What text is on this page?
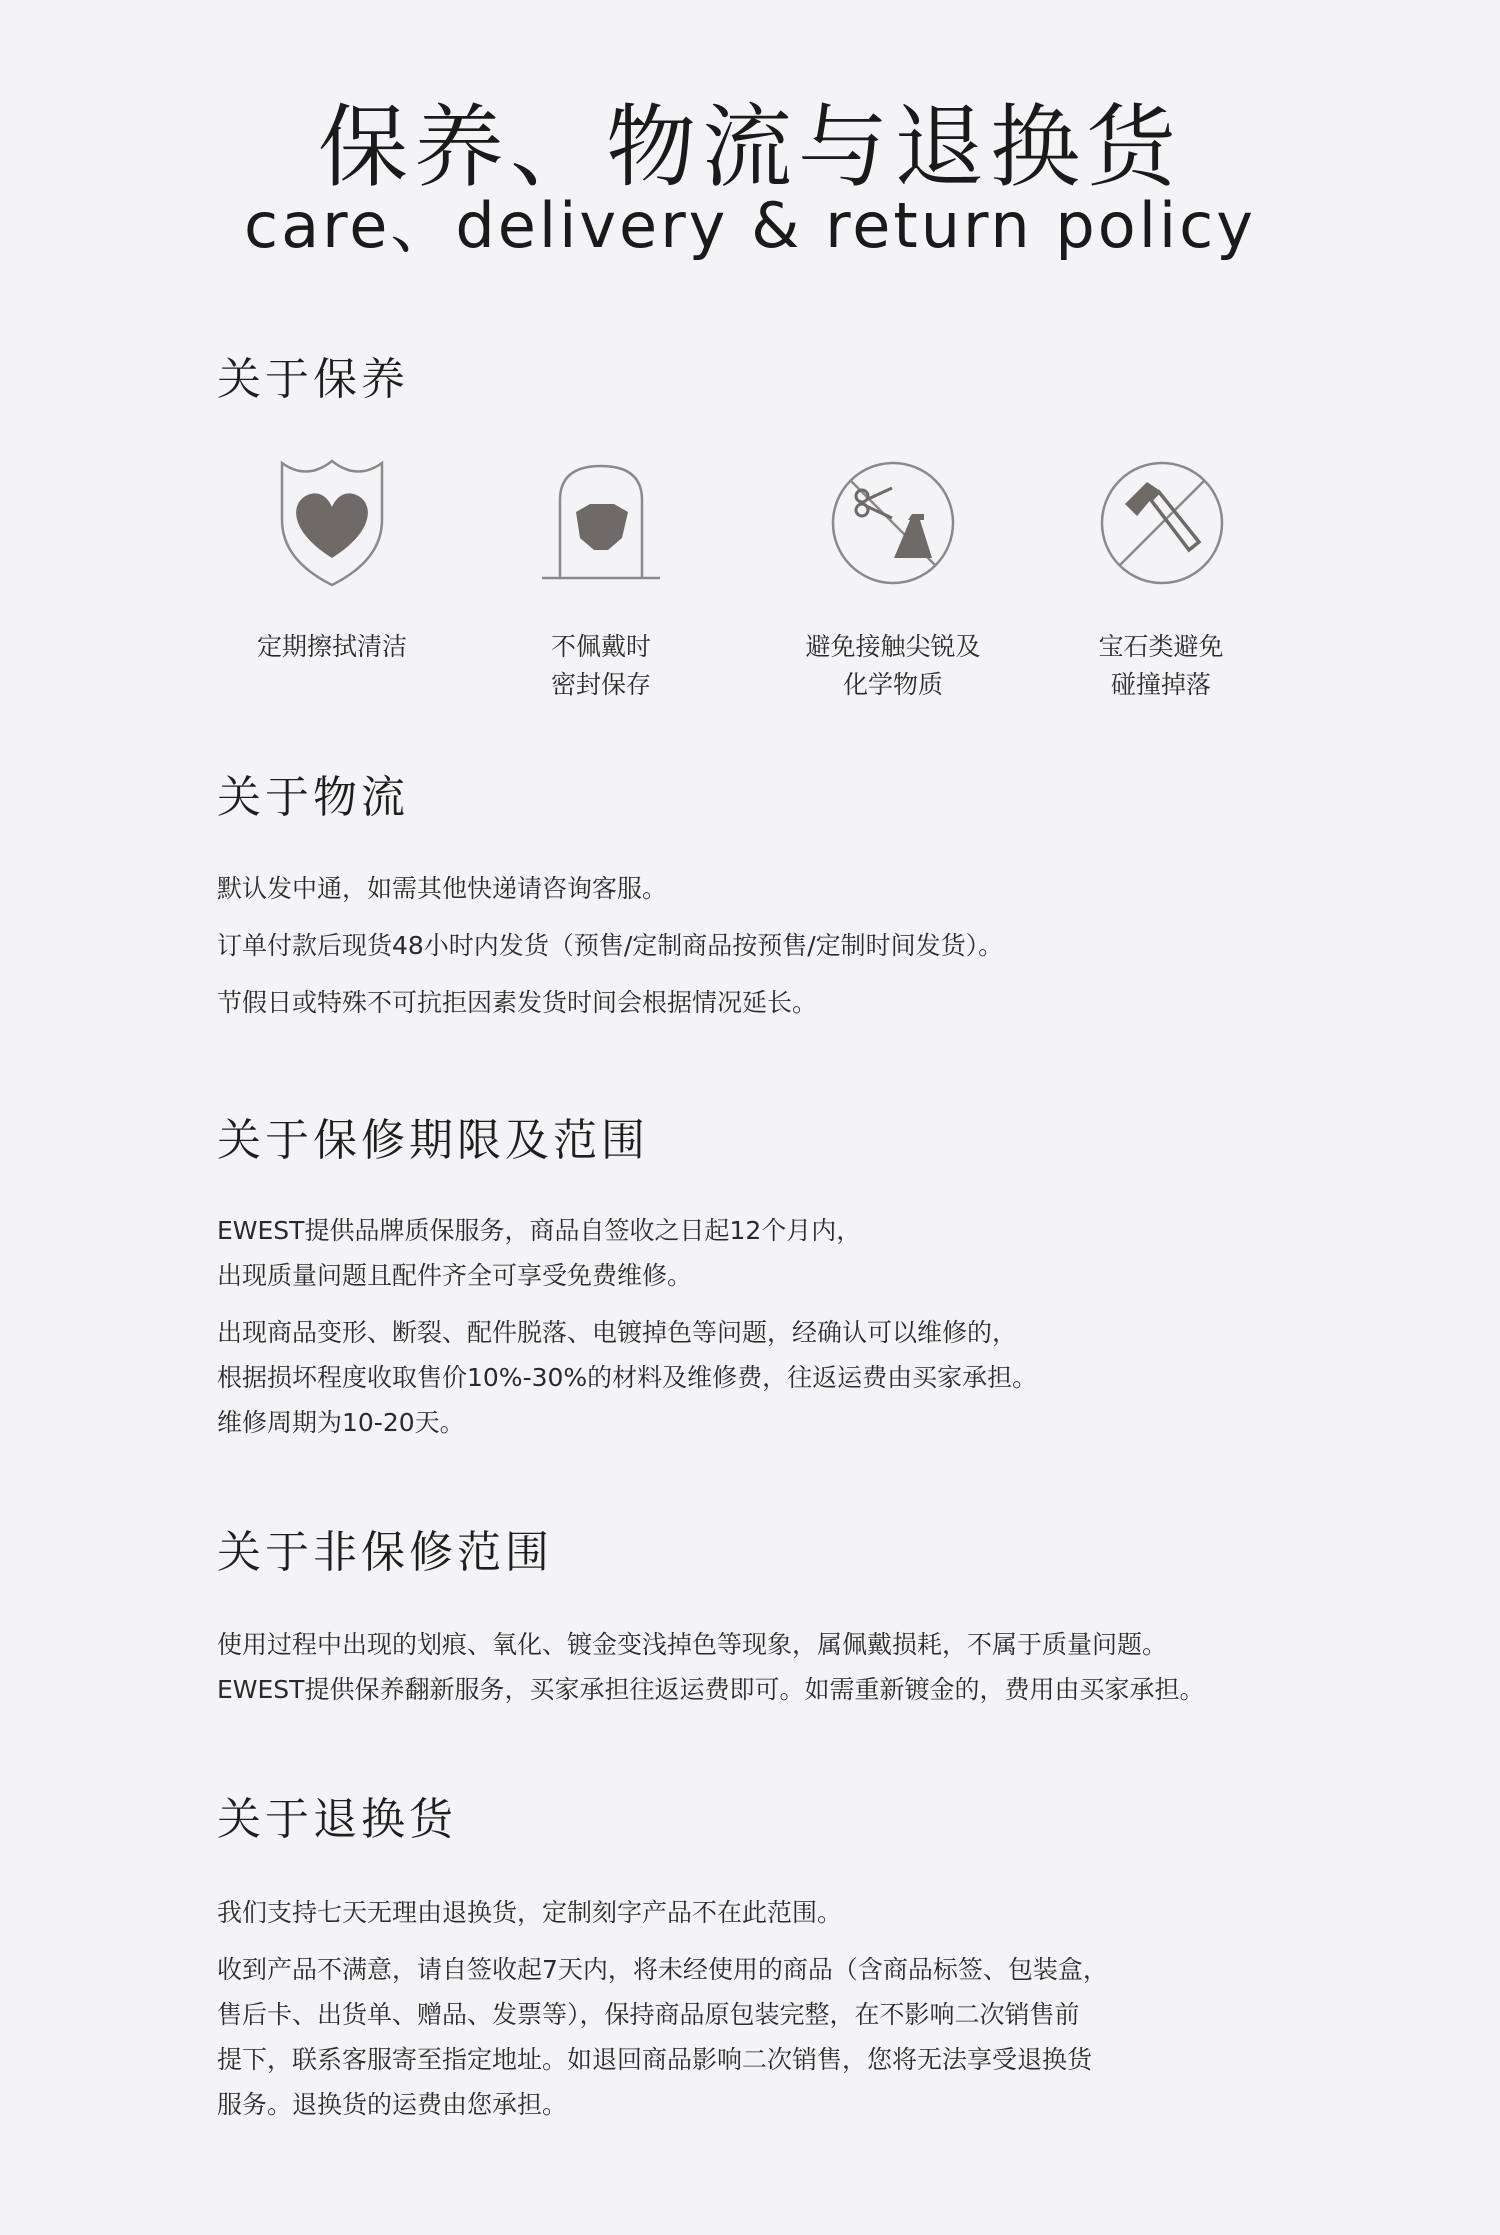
保养、物流与退换货
care、delivery & return policy
关于保养
定期擦拭清洁	不佩戴时
密封保存
避免接触尖锐及
化学物质
宝石类避免
碰撞掉落
关于物流
默认发中通，如需其他快递请咨询客服。
订单付款后现货48小时内发货（预售/定制商品按预售/定制时间发货）。
节假日或特殊不可抗拒因素发货时间会根据情况延长。
关于保修期限及范围
EWEST提供品牌质保服务，商品自签收之日起12个月内，
出现质量问题且配件齐全可享受免费维修。
出现商品变形、断裂、配件脱落、电镀掉色等问题，经确认可以维修的，
根据损坏程度收取售价10%-30%的材料及维修费，往返运费由买家承担。
维修周期为10-20天。
关于非保修范围
使用过程中出现的划痕、氧化、镀金变浅掉色等现象，属佩戴损耗，不属于质量问题。
EWEST提供保养翻新服务，买家承担往返运费即可。如需重新镀金的，费用由买家承担。
关于退换货
我们支持七天无理由退换货，定制刻字产品不在此范围。
收到产品不满意，请自签收起7天内，将未经使用的商品（含商品标签、包装盒，
售后卡、出货单、赠品、发票等），保持商品原包装完整，在不影响二次销售前
提下，联系客服寄至指定地址。如退回商品影响二次销售，您将无法享受退换货
服务。退换货的运费由您承担。
